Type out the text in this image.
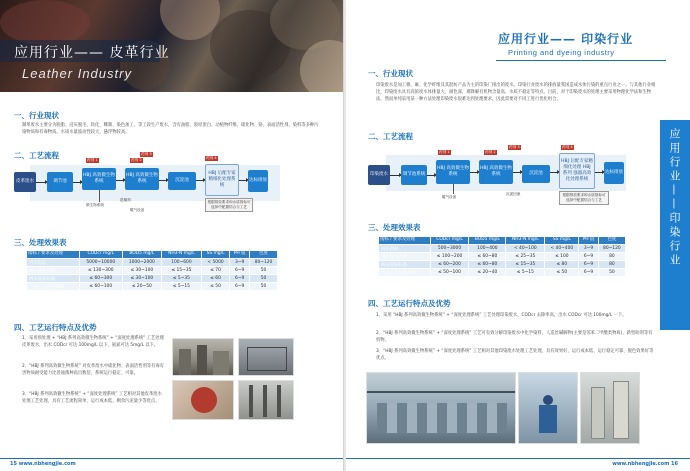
应用行业—— 皮革行业
Leather Industry
一、行业现状
制革废水主要分为脱脂、浸灰脱毛、软化、鞣制、染色加工、等工段生产废水，含有油脂、胶原蛋白、动植物纤维，硫化物、铬，表面活性剂，染料等多种污染物质和有毒物质。水质水量波动性较大，悬浮物较高。
二、工艺流程
皮革废水	调节池
HBJ 高效微生物系统
HBJ 高效微生物系统	沉淀池
HBJ 后配专家精细化处理系统
达标排放
药剂 1	药剂 2
药剂 3
药剂 4
微生物系统
混凝剂
曝气设备
根据排放要求和水质指标可选择中配置结合与工艺
三、处理效果表
指标 / 要求及处理	CODcr mg/L	BOD5 mg/L	NH3-N mg/L	SS mg/L	PH 值	色度
进水指标	5000~10000	1000~2000	100~600	< 5000	3~9	80~120
现行排放标准	≤ 130~300	≤ 30~100	≤ 15~35	≤ 70	6~9	50
两末提标标准	≤ 60~300	≤ 30~100	≤ 5~35	≤ 60	6~9	50
上述工艺处理效果	≤ 60~100	≤ 20~50	≤ 5~15	≤ 50	6~9	50
四、工艺运行特点及优势
1、采用预处理 + “HBJ 系列高效微生物系统” + “深度处理系统” 工艺处理皮革废水，出水 CODcr 可达 100mg/L 以下，氨氮可达 5mg/L 以下。
2、“HBJ 系列高效微生物系统” 对皮革废水中硫化物、表面活性剂等有毒有害物质耐受能力比普通菌种高出数倍，系统运行稳定、可靠。
3、“HBJ 系列高效微生物系统” + “深度处理系统” 工艺相对其他皮革废水处理工艺处理，具有工艺流程简单、运行成本低，剩余污泥量少等优点。
15 www.nbhengjie.com
应用行业—— 印染行业
Printing and dyeing industry
应用行业——印染行业
一、行业现状
印染废水是加工棉、麻、化学纤维及其混纺产品为主的印染厂排出的废水。印染行业废水的排放量我国造成水体污染的重点行业之一。与其他行业相比，印染废水具有高浓度水体排量大、颜色深、难降解有机物含量高、水质不稳定等特点。目前，对于印染废水的处理主要采用物理化学法和生物法，然而单纯采用某一种方法处理印染废水很难达到处理要求，因此需要对不同工进行优化组合。
二、工艺流程
印染废水	调节池系统
HBJ 高效微生物系统
HBJ 高效微生物系统	沉淀池
HBJ 后配专家精细化处理 HBJ 系列 强器高效化处理系统
达标排放
药剂 1	药剂 2
药剂 3	药剂 4
曝气设备
沉泥回流	根据排放要求和水质指标可选择中配置结合与工艺
三、处理效果表
指标 / 要求及处理	CODcr mg/L	BOD5 mg/L	NH3-N mg/L	SS mg/L	PH 值	色度
进水指标	500~3000	100~400	< 40~100	< 40~400	3~9	80~120
现行排放标准	≤ 100~200	≤ 60~80	≤ 25~35	≤ 100	6~9	80
两末提标标准	≤ 60~200	≤ 60~80	≤ 15~35	≤ 80	6~9	80
上述工艺处理效果	≤ 50~100	≤ 20~40	≤ 5~15	≤ 50	6~9	50
四、工艺运行特点及优势
1、采用 “HBJ 系列高效微生物系统” + “深度处理系统” 工艺处理印染废水，CODcr 去除率高，出水 CODcr 可达 100mg/L 一下。
2、“HBJ 系列高效微生物系统” + “深度处理系统” 工艺可有效分解印染废水中化学染料，人造丝碱解物(主要是邻苯二甲酸类物质)、新型助剂等有机物。
3、“HBJ 系列高效微生物系统” + “深度处理系统” 工艺相对其他印染废水处理工艺处理，具有效果好、运行成本低、运行稳定可靠、脱色效果好等优点。
www.nbhengjie.com 16
